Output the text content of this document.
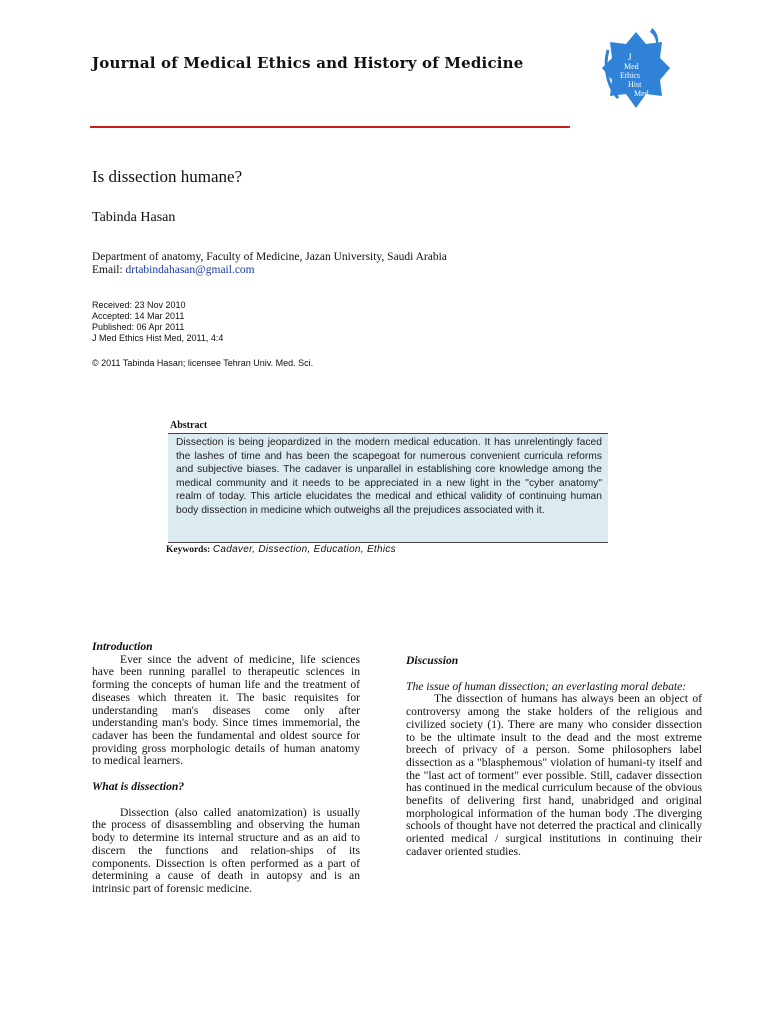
Journal of Medical Ethics and History of Medicine	J
Med
Ethics
Hist
Med
Is dissection humane?
Tabinda Hasan
Department of anatomy, Faculty of Medicine, Jazan University, Saudi Arabia
Email: drtabindahasan@gmail.com
Received: 23 Nov 2010
Accepted: 14 Mar 2011
Published: 06 Apr 2011
J Med Ethics Hist Med, 2011, 4:4
© 2011 Tabinda Hasan; licensee Tehran Univ. Med. Sci.
Abstract

Dissection is being jeopardized in the modern medical education. It has unrelentingly faced the lashes of time and has been the scapegoat for numerous convenient curricula reforms and subjective biases. The cadaver is unparallel in establishing core knowledge among the medical community and it needs to be appreciated in a new light in the "cyber anatomy" realm of today. This article elucidates the medical and ethical validity of continuing human body dissection in medicine which outweighs all the prejudices associated with it.

Keywords: Cadaver, Dissection, Education, Ethics

Introduction

Ever since the advent of medicine, life sciences have been running parallel to therapeutic sciences in forming the concepts of human life and the treatment of diseases which threaten it. The basic requisites for understanding man's diseases come only after understanding man's body. Since times immemorial, the cadaver has been the fundamental and oldest source for providing gross morphologic details of human anatomy to medical learners.

What is dissection?

Dissection (also called anatomization) is usually the process of disassembling and observing the human body to determine its internal structure and as an aid to discern the functions and relation-ships of its components. Dissection is often performed as a part of determining a cause of death in autopsy and is an intrinsic part of forensic medicine.

Discussion

The issue of human dissection; an everlasting moral debate:

The dissection of humans has always been an object of controversy among the stake holders of the religious and civilized society (1). There are many who consider dissection to be the ultimate insult to the dead and the most extreme breech of privacy of a person. Some philosophers label dissection as a "blasphemous" violation of humani-ty itself and the "last act of torment" ever possible. Still, cadaver dissection has continued in the medical curriculum because of the obvious benefits of delivering first hand, unabridged and original morphological information of the human body .The diverging schools of thought have not deterred the practical and clinically oriented medical / surgical institutions in continuing their cadaver oriented studies.
